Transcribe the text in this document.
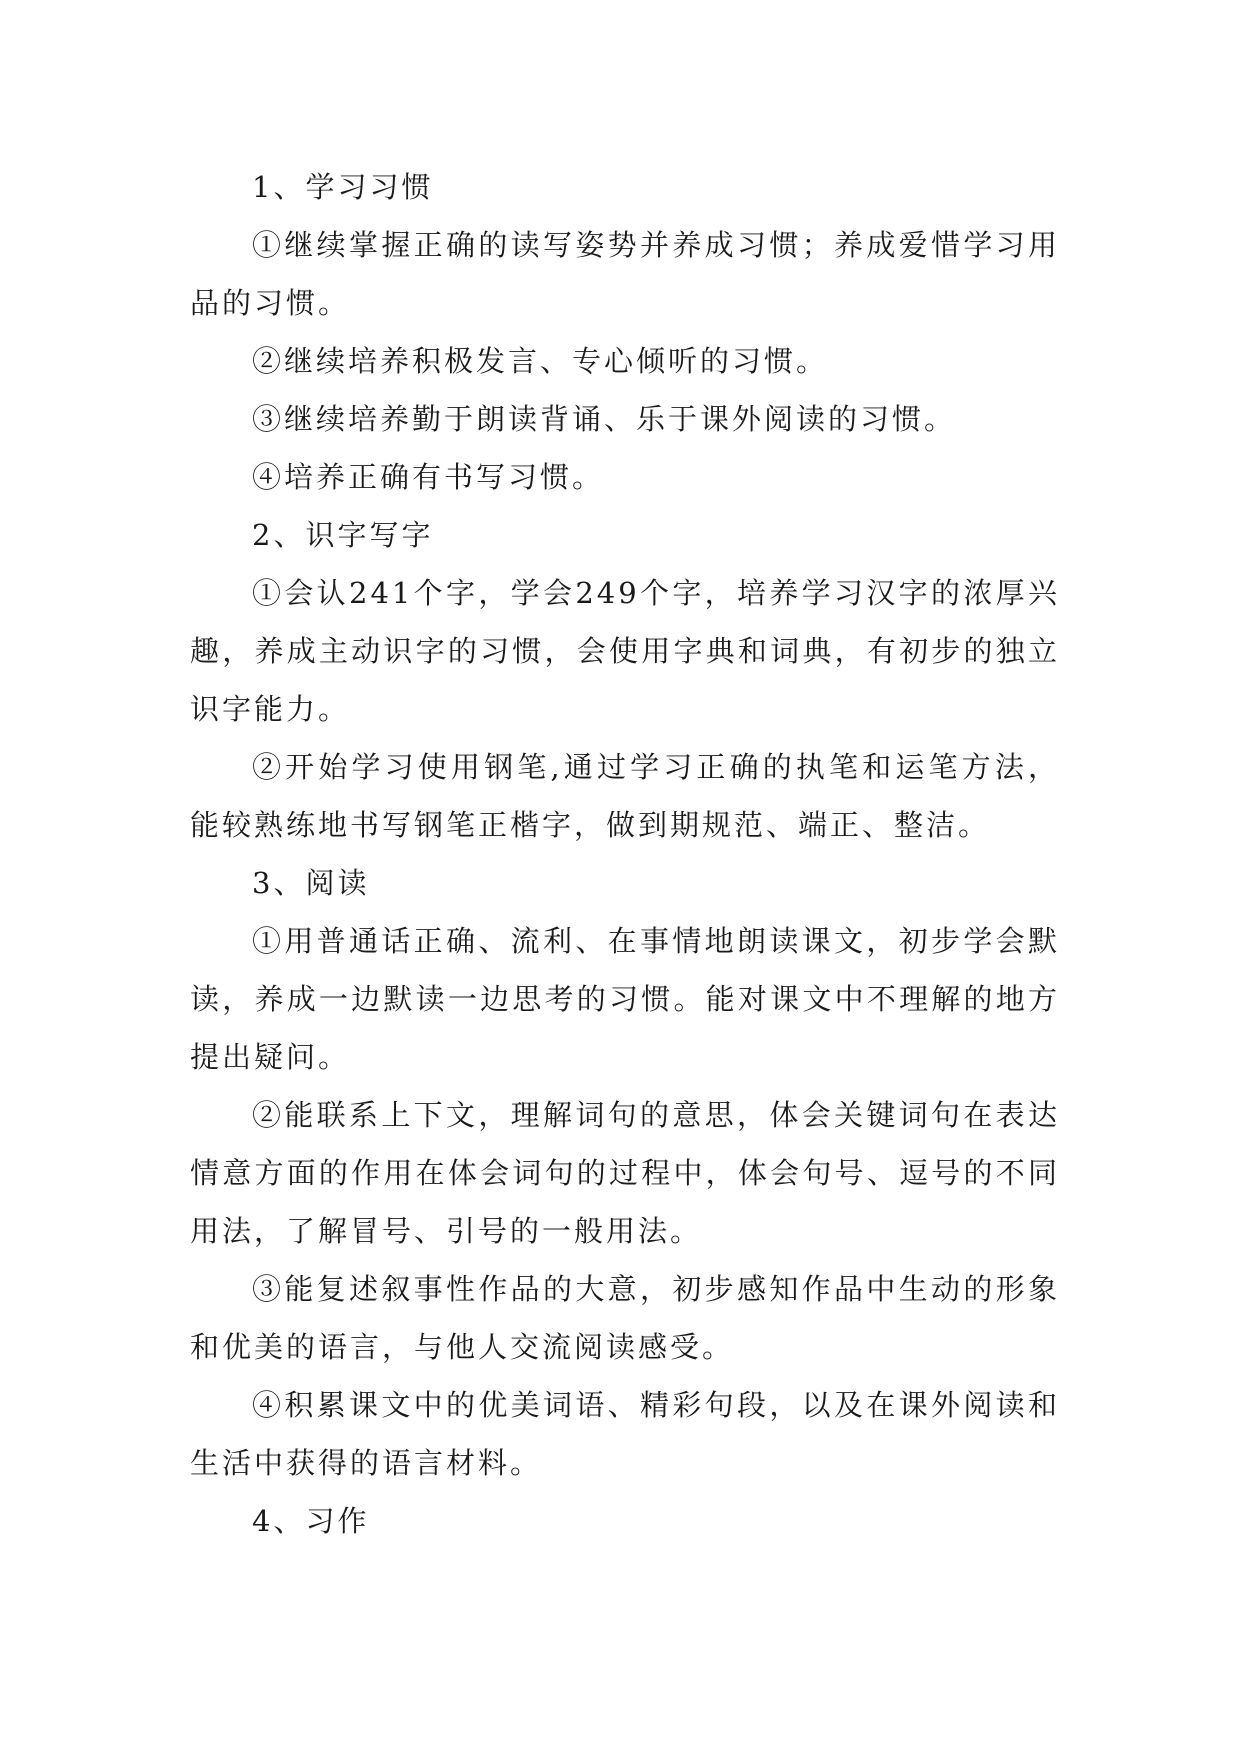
1、学习习惯

①继续掌握正确的读写姿势并养成习惯；养成爱惜学习用品的习惯。

②继续培养积极发言、专心倾听的习惯。

③继续培养勤于朗读背诵、乐于课外阅读的习惯。

④培养正确有书写习惯。

2、识字写字

①会认241个字，学会249个字，培养学习汉字的浓厚兴趣，养成主动识字的习惯，会使用字典和词典，有初步的独立识字能力。

②开始学习使用钢笔,通过学习正确的执笔和运笔方法，能较熟练地书写钢笔正楷字，做到期规范、端正、整洁。

3、阅读

①用普通话正确、流利、在事情地朗读课文，初步学会默读，养成一边默读一边思考的习惯。能对课文中不理解的地方提出疑问。

②能联系上下文，理解词句的意思，体会关键词句在表达情意方面的作用在体会词句的过程中，体会句号、逗号的不同用法，了解冒号、引号的一般用法。

③能复述叙事性作品的大意，初步感知作品中生动的形象和优美的语言，与他人交流阅读感受。

④积累课文中的优美词语、精彩句段，以及在课外阅读和生活中获得的语言材料。

4、习作
